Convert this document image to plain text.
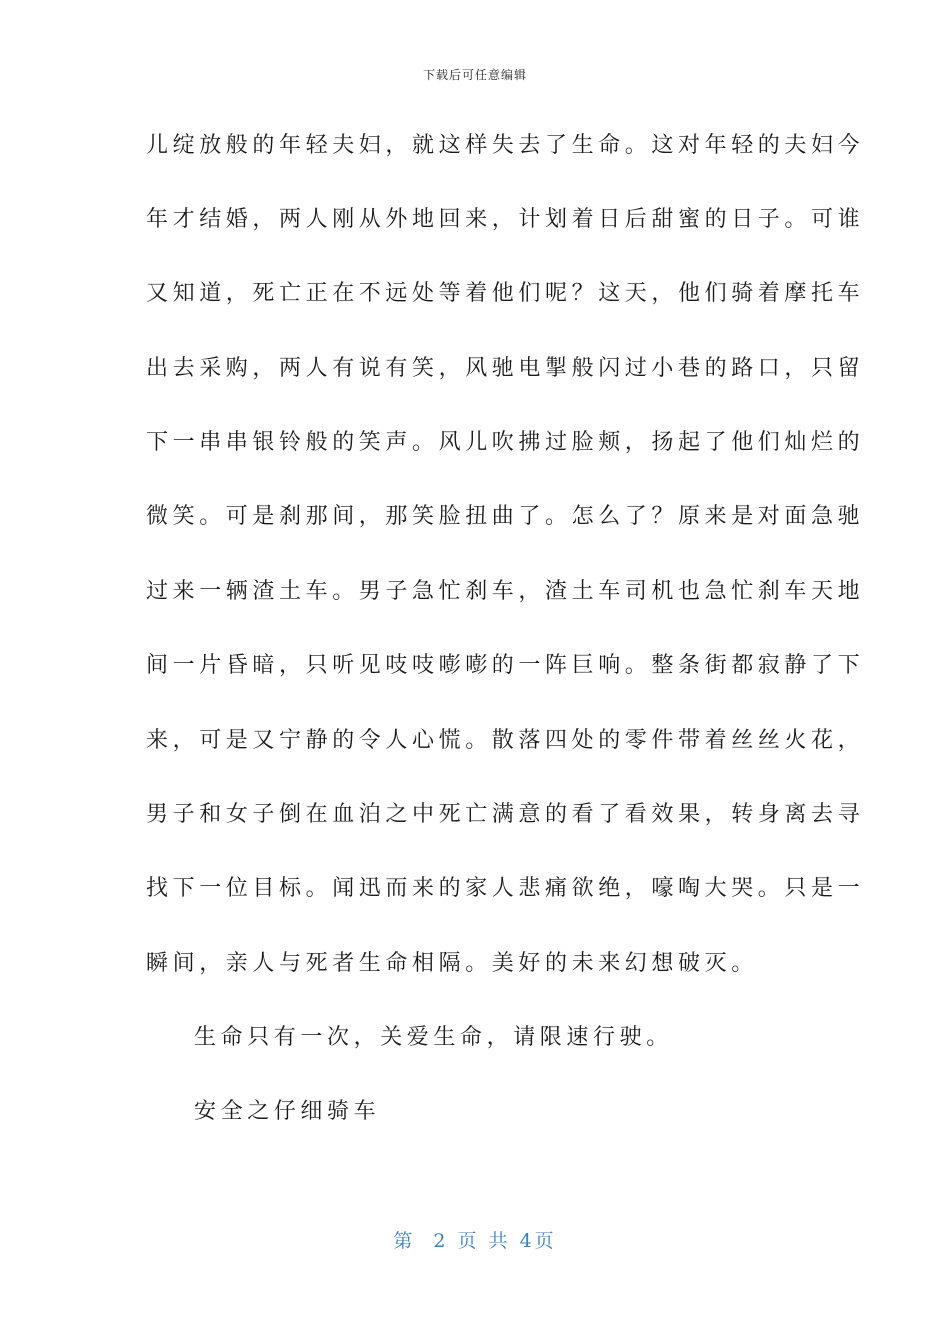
下载后可任意编辑
儿绽放般的年轻夫妇，就这样失去了生命。这对年轻的夫妇今
年才结婚，两人刚从外地回来，计划着日后甜蜜的日子。可谁
又知道，死亡正在不远处等着他们呢？这天，他们骑着摩托车
出去采购，两人有说有笑，风驰电掣般闪过小巷的路口，只留
下一串串银铃般的笑声。风儿吹拂过脸颊，扬起了他们灿烂的
微笑。可是刹那间，那笑脸扭曲了。怎么了？原来是对面急驰
过来一辆渣土车。男子急忙刹车，渣土车司机也急忙刹车天地
间一片昏暗，只听见吱吱嘭嘭的一阵巨响。整条街都寂静了下
来，可是又宁静的令人心慌。散落四处的零件带着丝丝火花，
男子和女子倒在血泊之中死亡满意的看了看效果，转身离去寻
找下一位目标。闻迅而来的家人悲痛欲绝，嚎啕大哭。只是一
瞬间，亲人与死者生命相隔。美好的未来幻想破灭。
生命只有一次，关爱生命，请限速行驶。
安全之仔细骑车
第  2 页 共 4页
